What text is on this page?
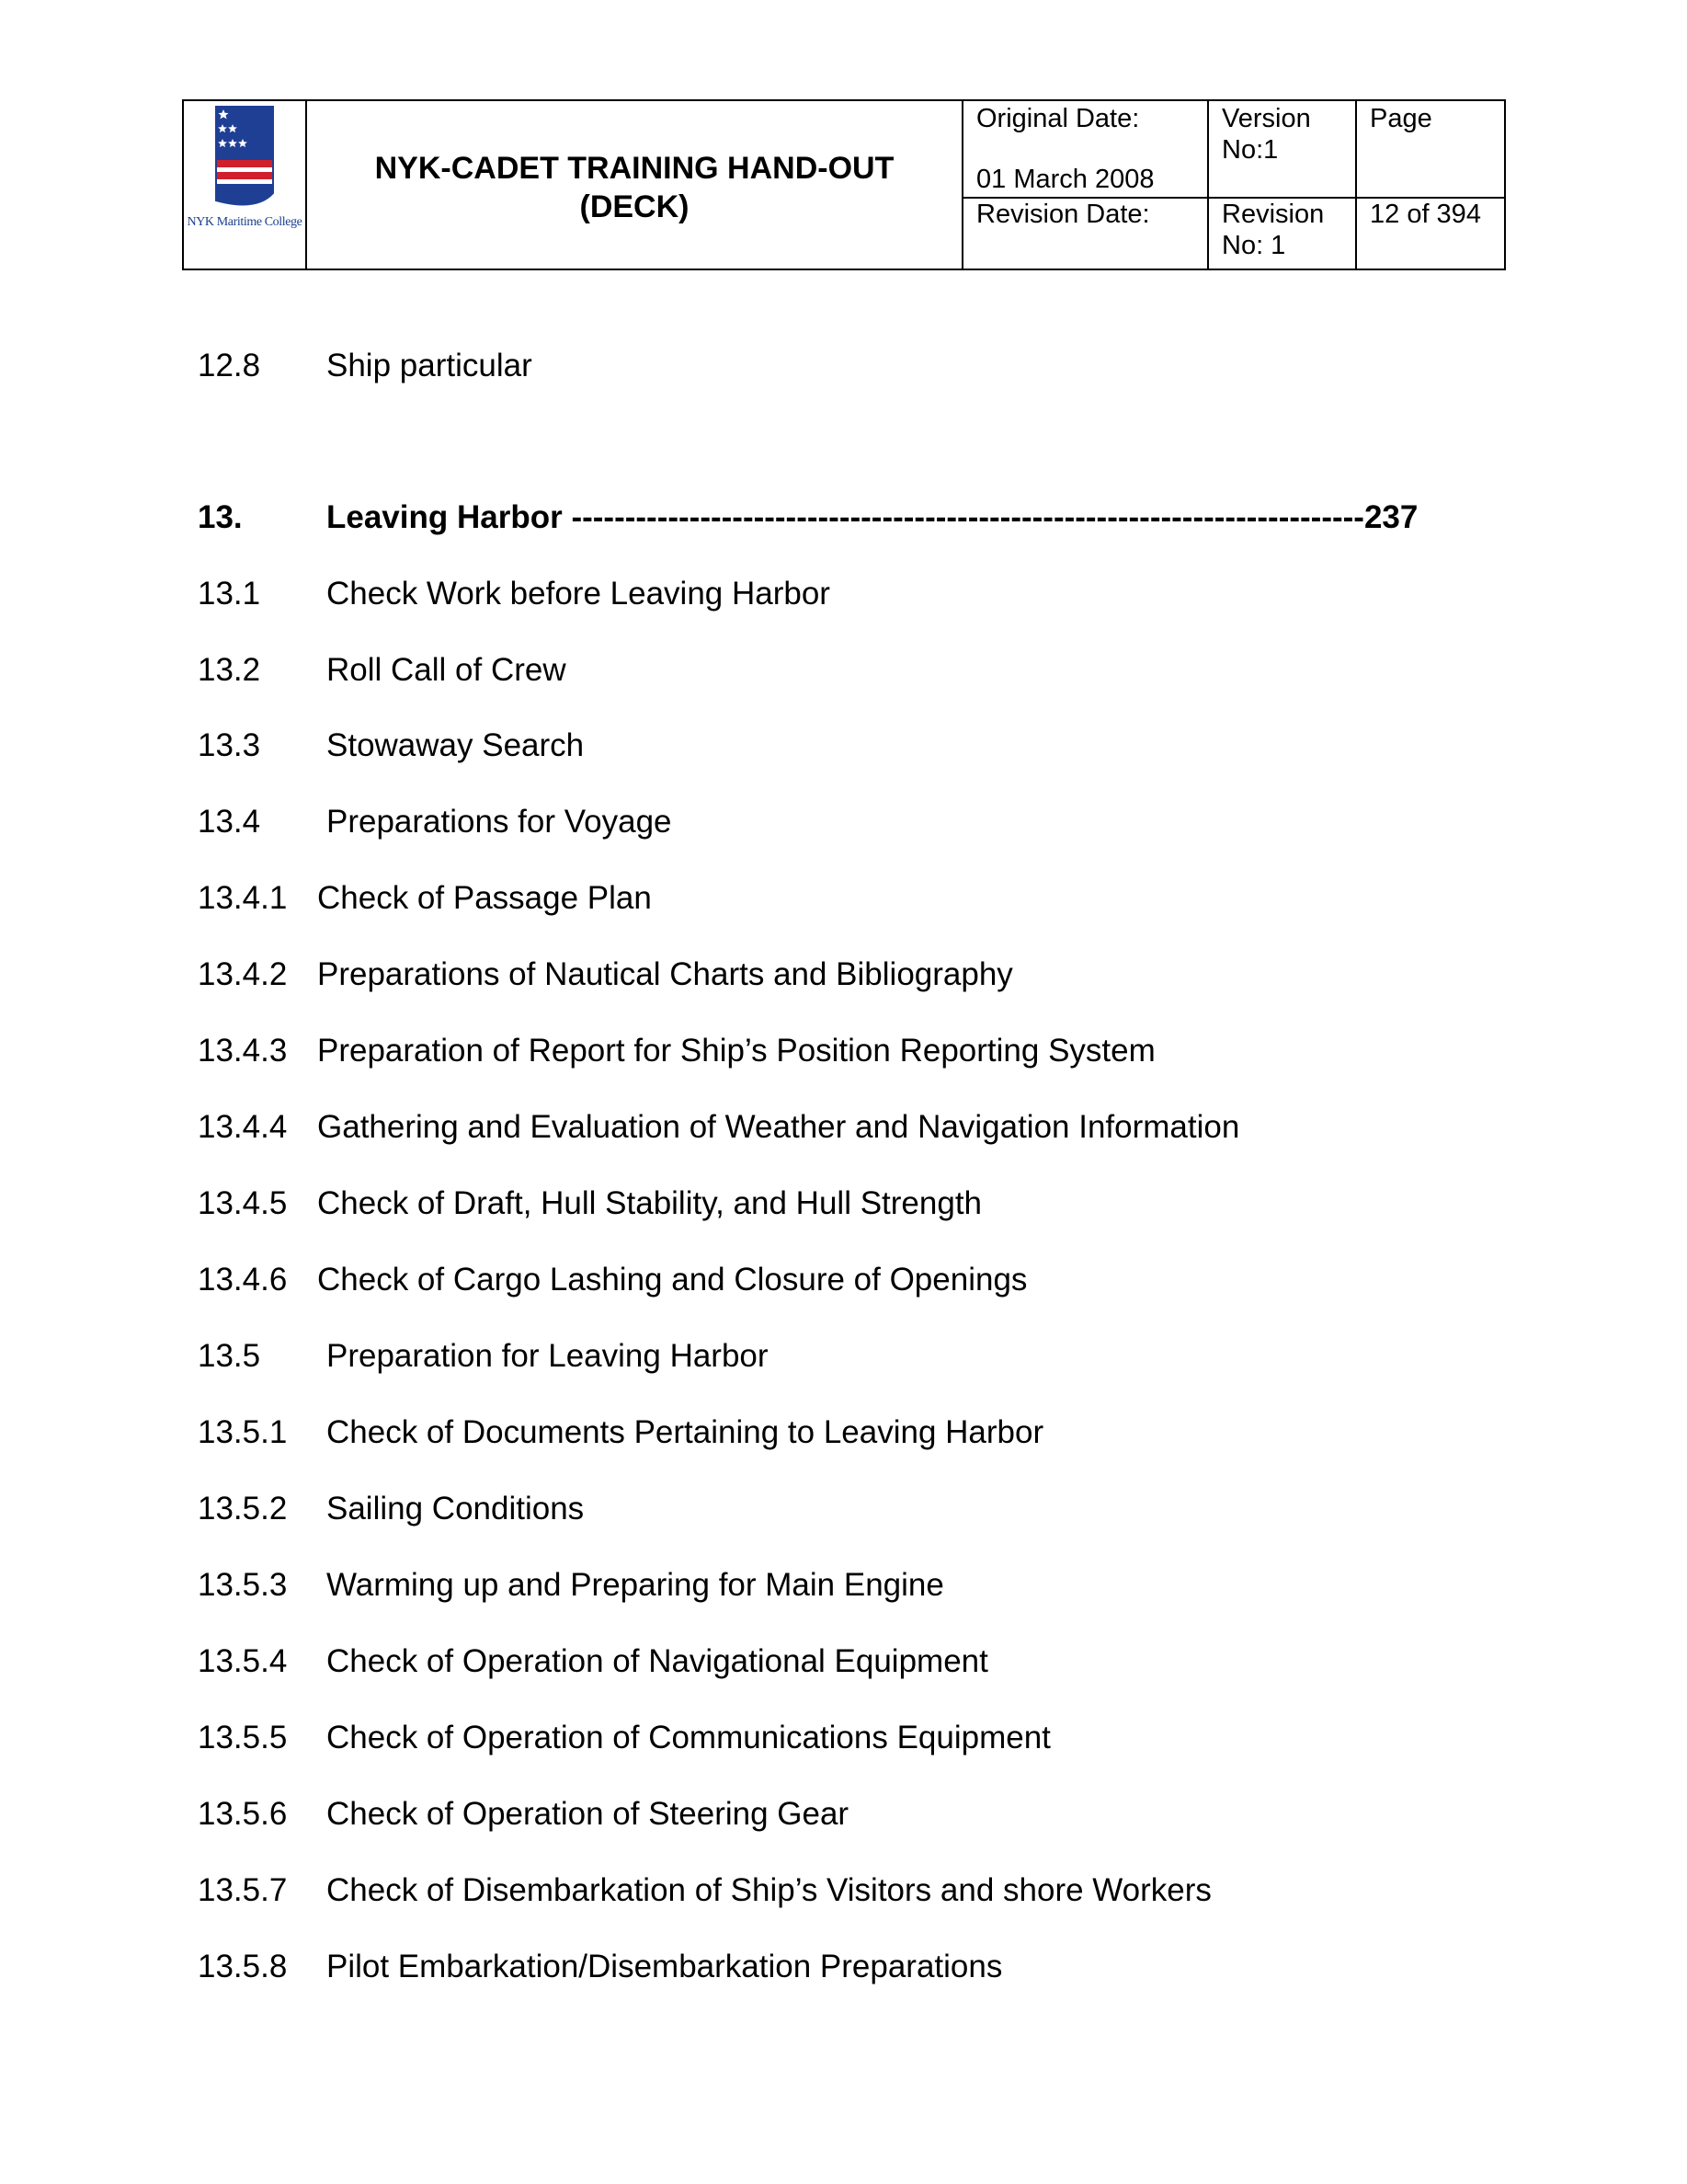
NYK Maritime College
NYK-CADET TRAINING HAND-OUT
(DECK)
Original Date:
01 March 2008
Version
No:1
Page
Revision Date:	Revision
No: 1
12 of 394
12.8 Ship particular
13.	Leaving Harbor --------------------------------------------------------------------------237
13.1 Check Work before Leaving Harbor
13.2 Roll Call of Crew
13.3 Stowaway Search
13.4 Preparations for Voyage
13.4.1 Check of Passage Plan
13.4.2 Preparations of Nautical Charts and Bibliography
13.4.3 Preparation of Report for Ship’s Position Reporting System
13.4.4 Gathering and Evaluation of Weather and Navigation Information
13.4.5 Check of Draft, Hull Stability, and Hull Strength
13.4.6 Check of Cargo Lashing and Closure of Openings
13.5 Preparation for Leaving Harbor
13.5.1 Check of Documents Pertaining to Leaving Harbor
13.5.2 Sailing Conditions
13.5.3 Warming up and Preparing for Main Engine
13.5.4 Check of Operation of Navigational Equipment
13.5.5 Check of Operation of Communications Equipment
13.5.6 Check of Operation of Steering Gear
13.5.7 Check of Disembarkation of Ship’s Visitors and shore Workers
13.5.8 Pilot Embarkation/Disembarkation Preparations
